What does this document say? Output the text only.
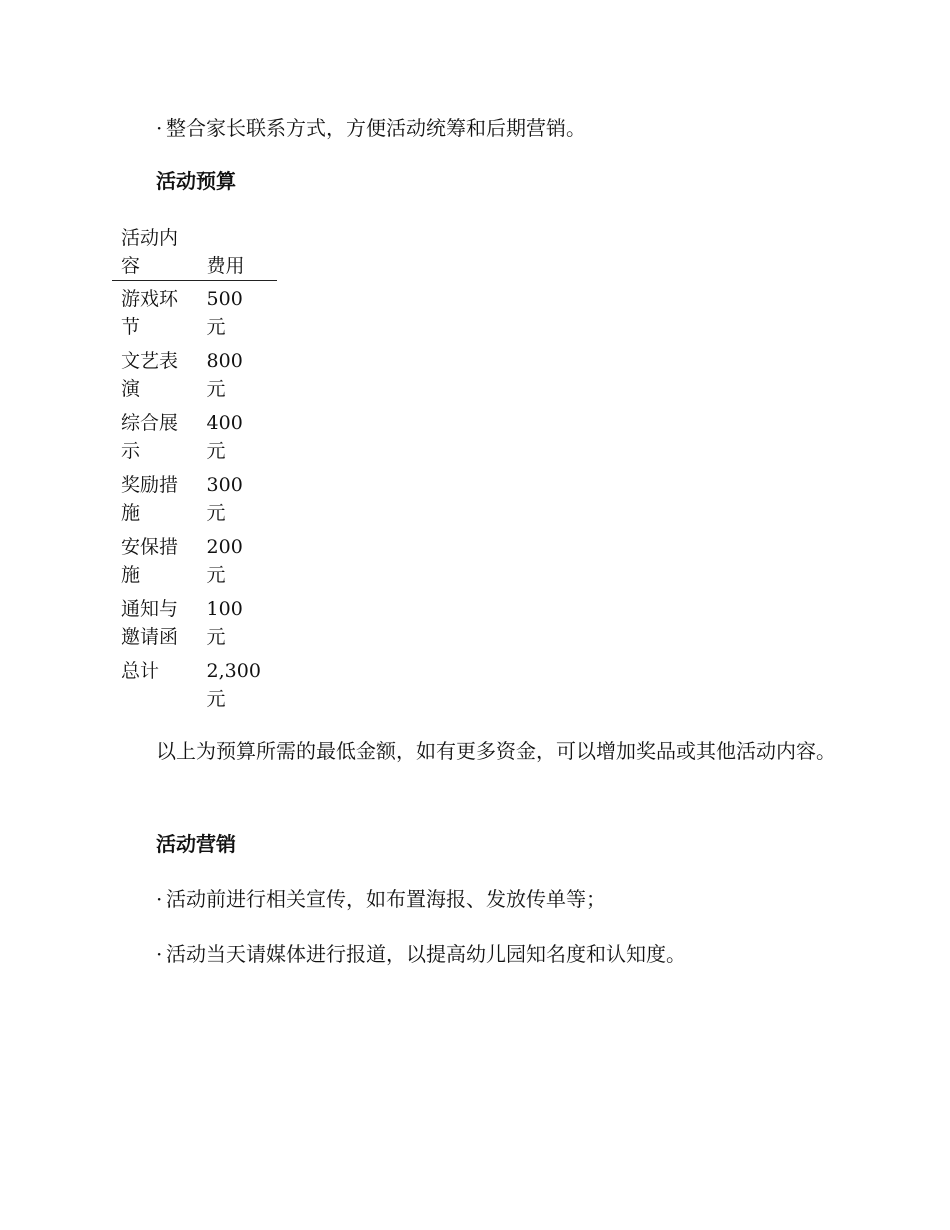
· 整合家长联系方式，方便活动统筹和后期营销。
活动预算
活动内容	费用

游戏环节	500 元

文艺表演	800 元

综合展示	400 元

奖励措施	300 元

安保措施	200 元

通知与邀请函	100 元

总计	2,300 元
以上为预算所需的最低金额，如有更多资金，可以增加奖品或其他活动内容。
活动营销
· 活动前进行相关宣传，如布置海报、发放传单等；
· 活动当天请媒体进行报道，以提高幼儿园知名度和认知度。
